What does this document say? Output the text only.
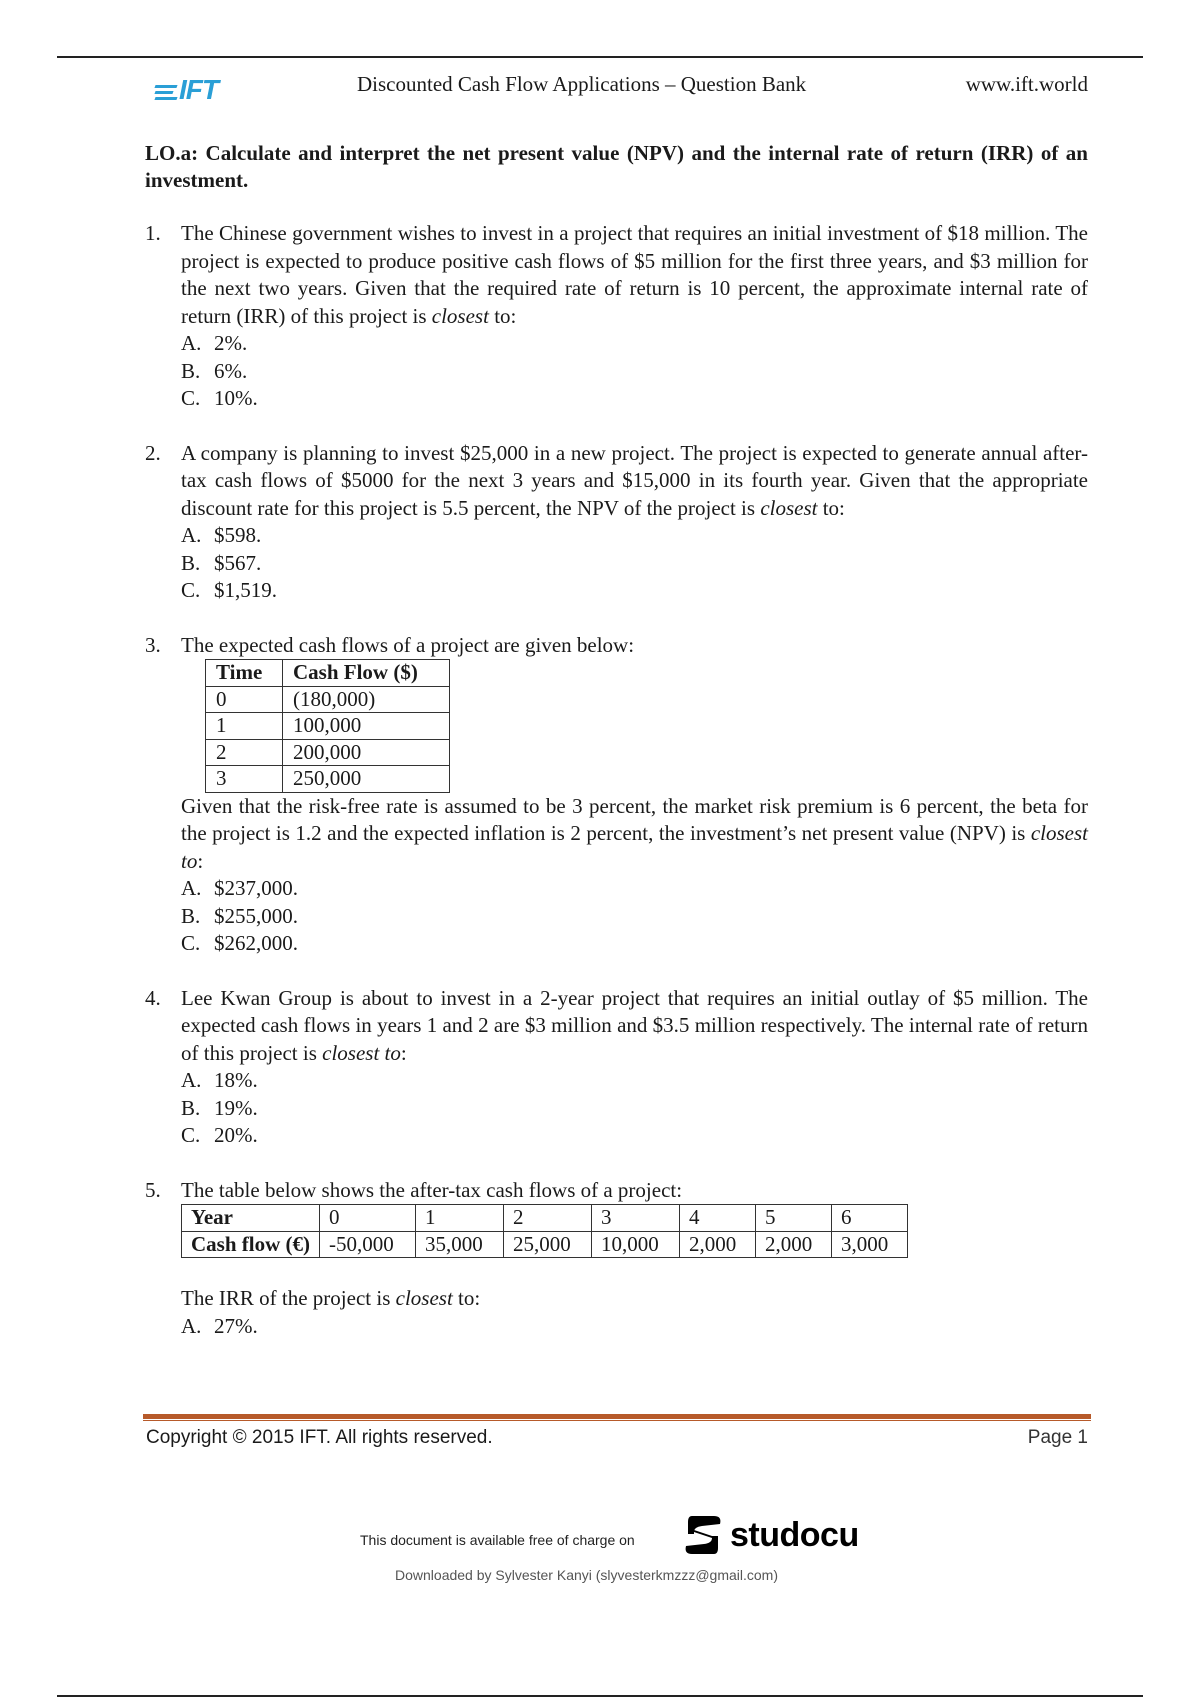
IFT	Discounted Cash Flow Applications – Question Bank	www.ift.world
LO.a: Calculate and interpret the net present value (NPV) and the internal rate of return (IRR) of an investment.
1. The Chinese government wishes to invest in a project that requires an initial investment of $18 million. The project is expected to produce positive cash flows of $5 million for the first three years, and $3 million for the next two years. Given that the required rate of return is 10 percent, the approximate internal rate of return (IRR) of this project is closest to:
A. 2%.
B. 6%.
C. 10%.
2. A company is planning to invest $25,000 in a new project. The project is expected to generate annual after-tax cash flows of $5000 for the next 3 years and $15,000 in its fourth year. Given that the appropriate discount rate for this project is 5.5 percent, the NPV of the project is closest to:
A. $598.
B. $567.
C. $1,519.
3. The expected cash flows of a project are given below:
Time	Cash Flow ($)
0	(180,000)
1	100,000
2	200,000
3	250,000
Given that the risk-free rate is assumed to be 3 percent, the market risk premium is 6 percent, the beta for the project is 1.2 and the expected inflation is 2 percent, the investment’s net present value (NPV) is closest to:
A. $237,000.
B. $255,000.
C. $262,000.
4. Lee Kwan Group is about to invest in a 2-year project that requires an initial outlay of $5 million. The expected cash flows in years 1 and 2 are $3 million and $3.5 million respectively. The internal rate of return of this project is closest to:
A. 18%.
B. 19%.
C. 20%.
5. The table below shows the after-tax cash flows of a project:
Year	0	1	2	3	4	5	6
Cash flow (€)	-50,000	35,000	25,000	10,000	2,000	2,000	3,000
The IRR of the project is closest to:
A. 27%.
Copyright © 2015 IFT. All rights reserved.	Page 1
This document is available free of charge on	studocu
Downloaded by Sylvester Kanyi (slyvesterkmzzz@gmail.com)
